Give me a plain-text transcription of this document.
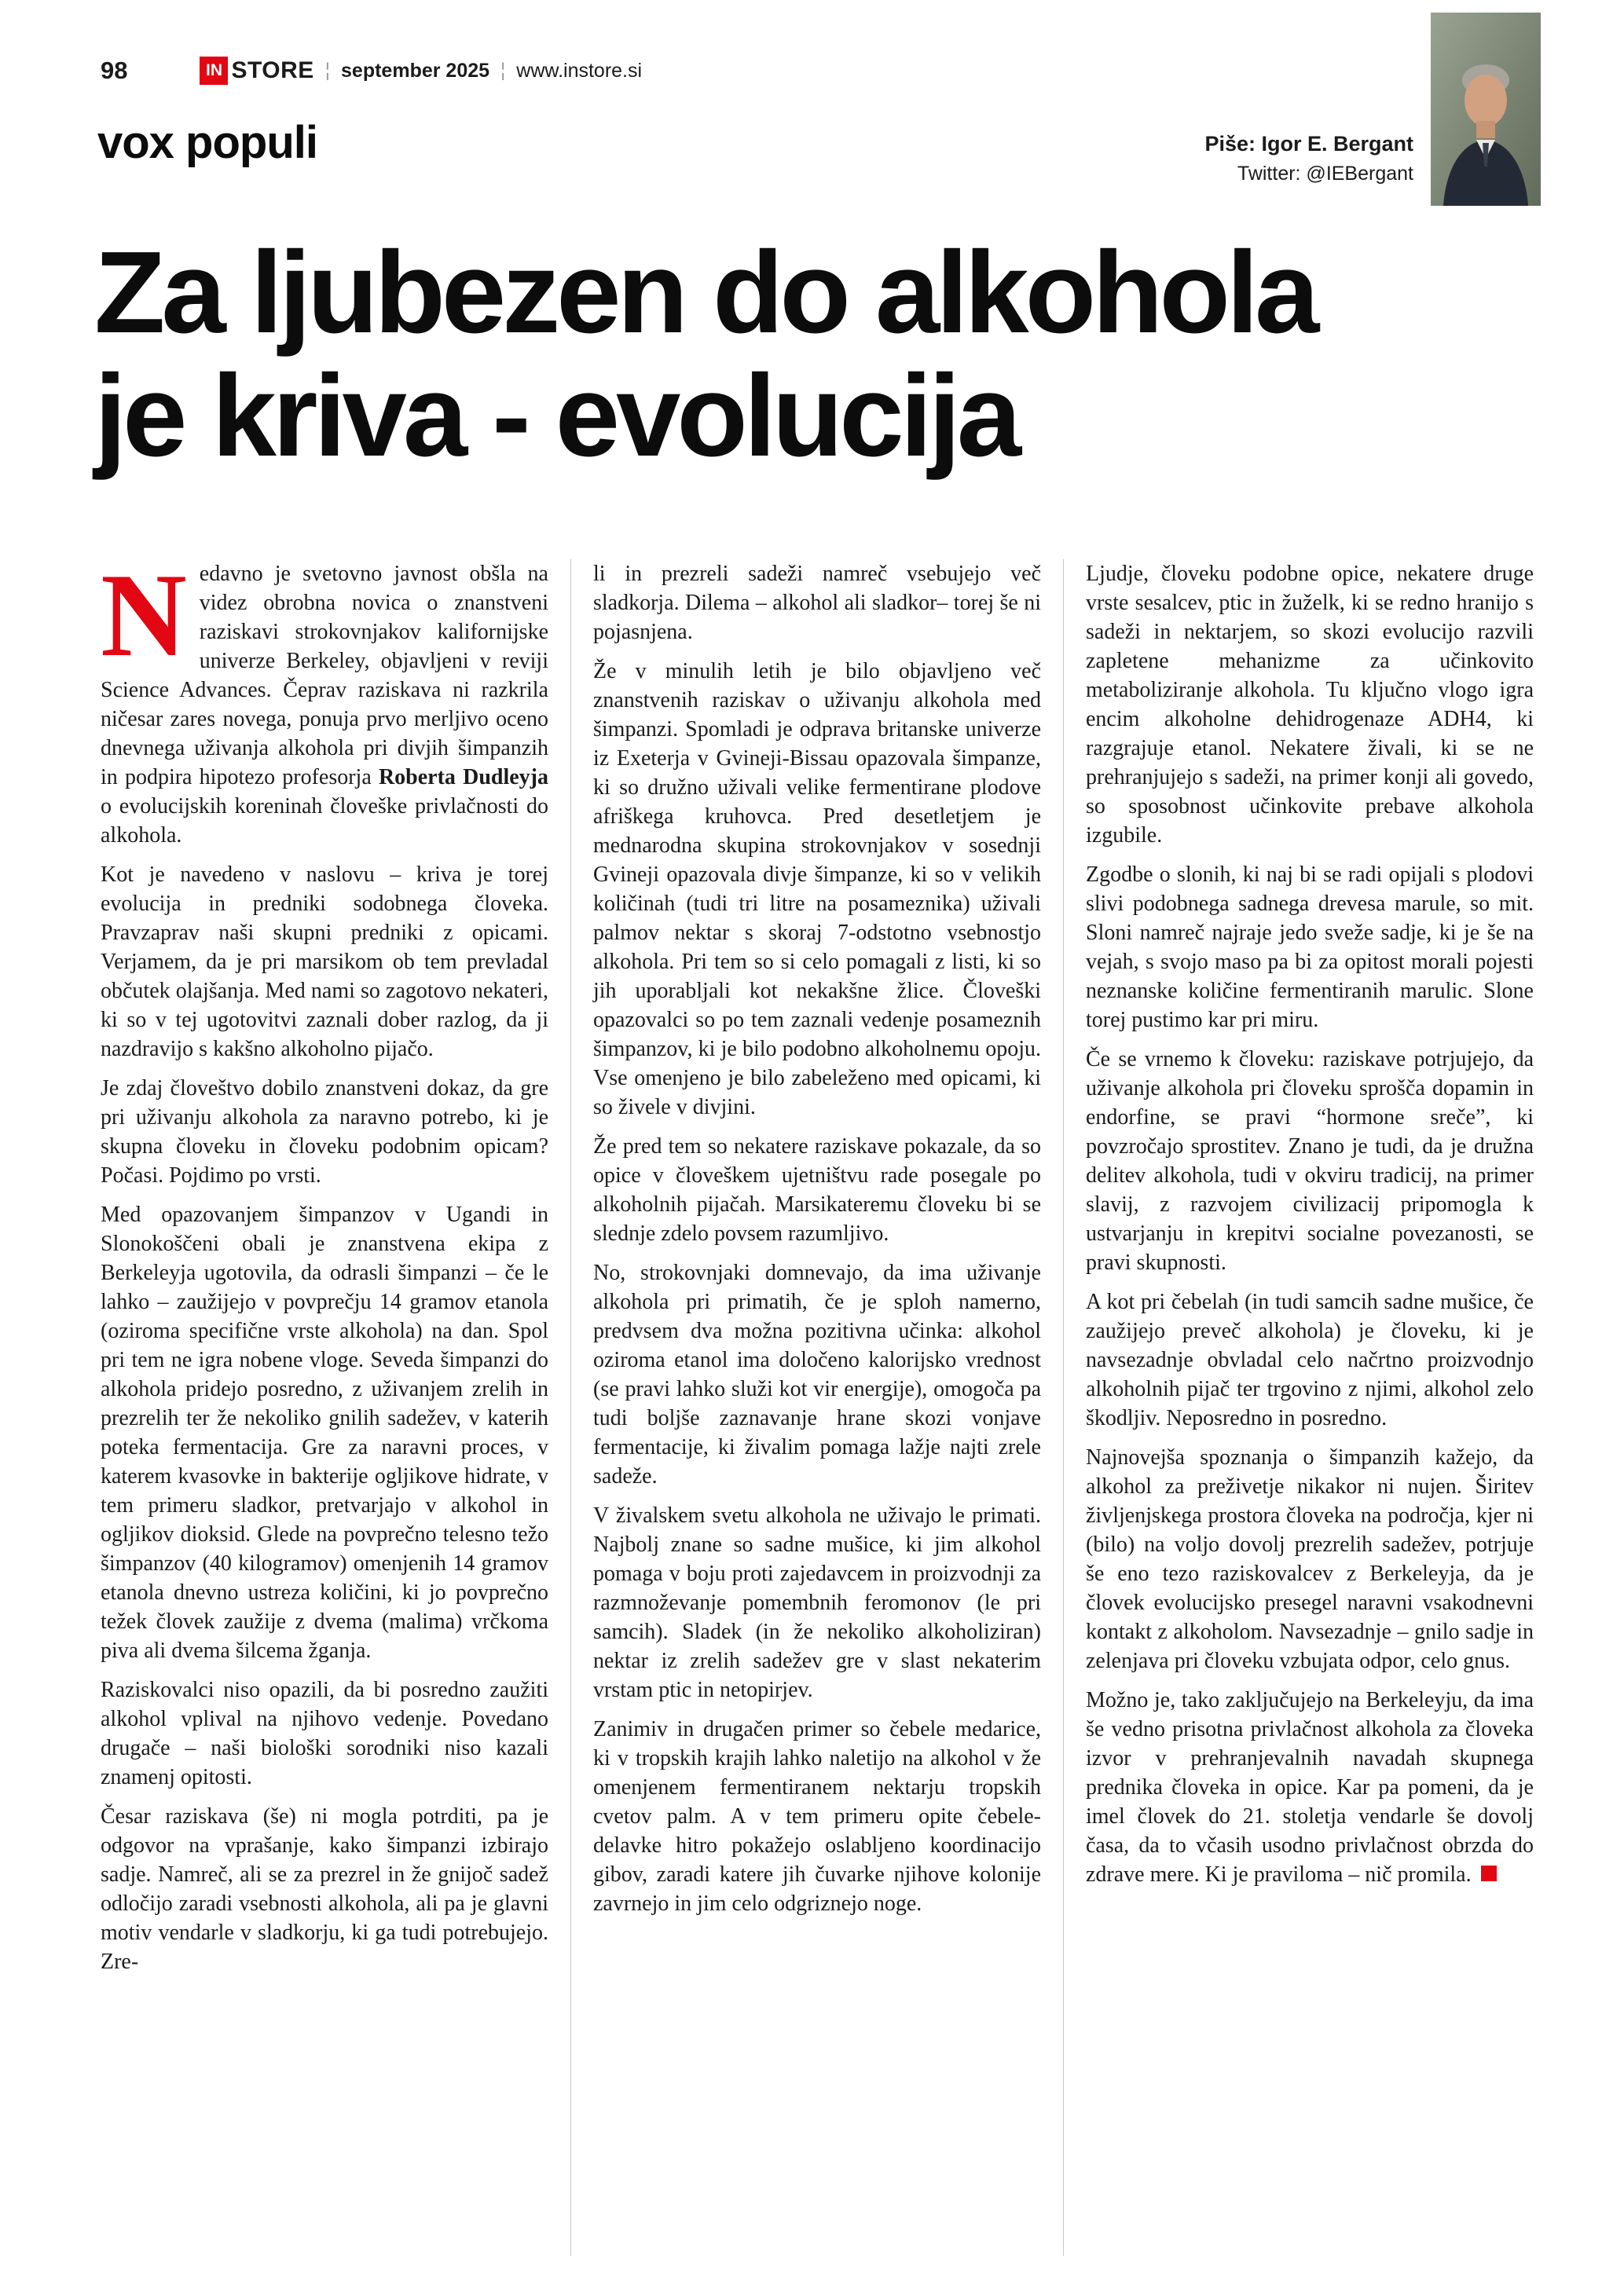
98	IN STORE ¦ september 2025 ¦ www.instore.si
vox populi	Piše: Igor E. Bergant
Twitter: @IEBergant
Za ljubezen do alkohola
je kriva - evolucija

Nedavno je svetovno javnost obšla na videz obrobna novica o znanstveni raziskavi strokovnjakov kalifornijske univerze Berkeley, objavljeni v reviji Science Advances. Čeprav raziskava ni razkrila ničesar zares novega, ponuja prvo merljivo oceno dnevnega uživanja alkohola pri divjih šimpanzih in podpira hipotezo profesorja Roberta Dudleyja o evolucijskih koreninah človeške privlačnosti do alkohola.

Kot je navedeno v naslovu – kriva je torej evolucija in predniki sodobnega človeka. Pravzaprav naši skupni predniki z opicami. Verjamem, da je pri marsikom ob tem prevladal občutek olajšanja. Med nami so zagotovo nekateri, ki so v tej ugotovitvi zaznali dober razlog, da ji nazdravijo s kakšno alkoholno pijačo.

Je zdaj človeštvo dobilo znanstveni dokaz, da gre pri uživanju alkohola za naravno potrebo, ki je skupna človeku in človeku podobnim opicam? Počasi. Pojdimo po vrsti.

Med opazovanjem šimpanzov v Ugandi in Slonokoščeni obali je znanstvena ekipa z Berkeleyja ugotovila, da odrasli šimpanzi – če le lahko – zaužijejo v povprečju 14 gramov etanola (oziroma specifične vrste alkohola) na dan. Spol pri tem ne igra nobene vloge. Seveda šimpanzi do alkohola pridejo posredno, z uživanjem zrelih in prezrelih ter že nekoliko gnilih sadežev, v katerih poteka fermentacija. Gre za naravni proces, v katerem kvasovke in bakterije ogljikove hidrate, v tem primeru sladkor, pretvarjajo v alkohol in ogljikov dioksid. Glede na povprečno telesno težo šimpanzov (40 kilogramov) omenjenih 14 gramov etanola dnevno ustreza količini, ki jo povprečno težek človek zaužije z dvema (malima) vrčkoma piva ali dvema šilcema žganja.

Raziskovalci niso opazili, da bi posredno zaužiti alkohol vplival na njihovo vedenje. Povedano drugače – naši biološki sorodniki niso kazali znamenj opitosti.

Česar raziskava (še) ni mogla potrditi, pa je odgovor na vprašanje, kako šimpanzi izbirajo sadje. Namreč, ali se za prezrel in že gnijoč sadež odločijo zaradi vsebnosti alkohola, ali pa je glavni motiv vendarle v sladkorju, ki ga tudi potrebujejo. Zre-

li in prezreli sadeži namreč vsebujejo več sladkorja. Dilema – alkohol ali sladkor– torej še ni pojasnjena.

Že v minulih letih je bilo objavljeno več znanstvenih raziskav o uživanju alkohola med šimpanzi. Spomladi je odprava britanske univerze iz Exeterja v Gvineji-Bissau opazovala šimpanze, ki so družno uživali velike fermentirane plodove afriškega kruhovca. Pred desetletjem je mednarodna skupina strokovnjakov v sosednji Gvineji opazovala divje šimpanze, ki so v velikih količinah (tudi tri litre na posameznika) uživali palmov nektar s skoraj 7-odstotno vsebnostjo alkohola. Pri tem so si celo pomagali z listi, ki so jih uporabljali kot nekakšne žlice. Človeški opazovalci so po tem zaznali vedenje posameznih šimpanzov, ki je bilo podobno alkoholnemu opoju. Vse omenjeno je bilo zabeleženo med opicami, ki so živele v divjini.

Že pred tem so nekatere raziskave pokazale, da so opice v človeškem ujetništvu rade posegale po alkoholnih pijačah. Marsikateremu človeku bi se slednje zdelo povsem razumljivo.

No, strokovnjaki domnevajo, da ima uživanje alkohola pri primatih, če je sploh namerno, predvsem dva možna pozitivna učinka: alkohol oziroma etanol ima določeno kalorijsko vrednost (se pravi lahko služi kot vir energije), omogoča pa tudi boljše zaznavanje hrane skozi vonjave fermentacije, ki živalim pomaga lažje najti zrele sadeže.

V živalskem svetu alkohola ne uživajo le primati. Najbolj znane so sadne mušice, ki jim alkohol pomaga v boju proti zajedavcem in proizvodnji za razmnoževanje pomembnih feromonov (le pri samcih). Sladek (in že nekoliko alkoholiziran) nektar iz zrelih sadežev gre v slast nekaterim vrstam ptic in netopirjev.

Zanimiv in drugačen primer so čebele medarice, ki v tropskih krajih lahko naletijo na alkohol v že omenjenem fermentiranem nektarju tropskih cvetov palm. A v tem primeru opite čebele-delavke hitro pokažejo oslabljeno koordinacijo gibov, zaradi katere jih čuvarke njihove kolonije zavrnejo in jim celo odgriznejo noge.

Ljudje, človeku podobne opice, nekatere druge vrste sesalcev, ptic in žuželk, ki se redno hranijo s sadeži in nektarjem, so skozi evolucijo razvili zapletene mehanizme za učinkovito metaboliziranje alkohola. Tu ključno vlogo igra encim alkoholne dehidrogenaze ADH4, ki razgrajuje etanol. Nekatere živali, ki se ne prehranjujejo s sadeži, na primer konji ali govedo, so sposobnost učinkovite prebave alkohola izgubile.

Zgodbe o slonih, ki naj bi se radi opijali s plodovi slivi podobnega sadnega drevesa marule, so mit. Sloni namreč najraje jedo sveže sadje, ki je še na vejah, s svojo maso pa bi za opitost morali pojesti neznanske količine fermentiranih marulic. Slone torej pustimo kar pri miru.

Če se vrnemo k človeku: raziskave potrjujejo, da uživanje alkohola pri človeku sprošča dopamin in endorfine, se pravi “hormone sreče”, ki povzročajo sprostitev. Znano je tudi, da je družna delitev alkohola, tudi v okviru tradicij, na primer slavij, z razvojem civilizacij pripomogla k ustvarjanju in krepitvi socialne povezanosti, se pravi skupnosti.

A kot pri čebelah (in tudi samcih sadne mušice, če zaužijejo preveč alkohola) je človeku, ki je navsezadnje obvladal celo načrtno proizvodnjo alkoholnih pijač ter trgovino z njimi, alkohol zelo škodljiv. Neposredno in posredno.

Najnovejša spoznanja o šimpanzih kažejo, da alkohol za preživetje nikakor ni nujen. Širitev življenjskega prostora človeka na področja, kjer ni (bilo) na voljo dovolj prezrelih sadežev, potrjuje še eno tezo raziskovalcev z Berkeleyja, da je človek evolucijsko presegel naravni vsakodnevni kontakt z alkoholom. Navsezadnje – gnilo sadje in zelenjava pri človeku vzbujata odpor, celo gnus.

Možno je, tako zaključujejo na Berkeleyju, da ima še vedno prisotna privlačnost alkohola za človeka izvor v prehranjevalnih navadah skupnega prednika človeka in opice. Kar pa pomeni, da je imel človek do 21. stoletja vendarle še dovolj časa, da to včasih usodno privlačnost obrzda do zdrave mere. Ki je praviloma – nič promila.
